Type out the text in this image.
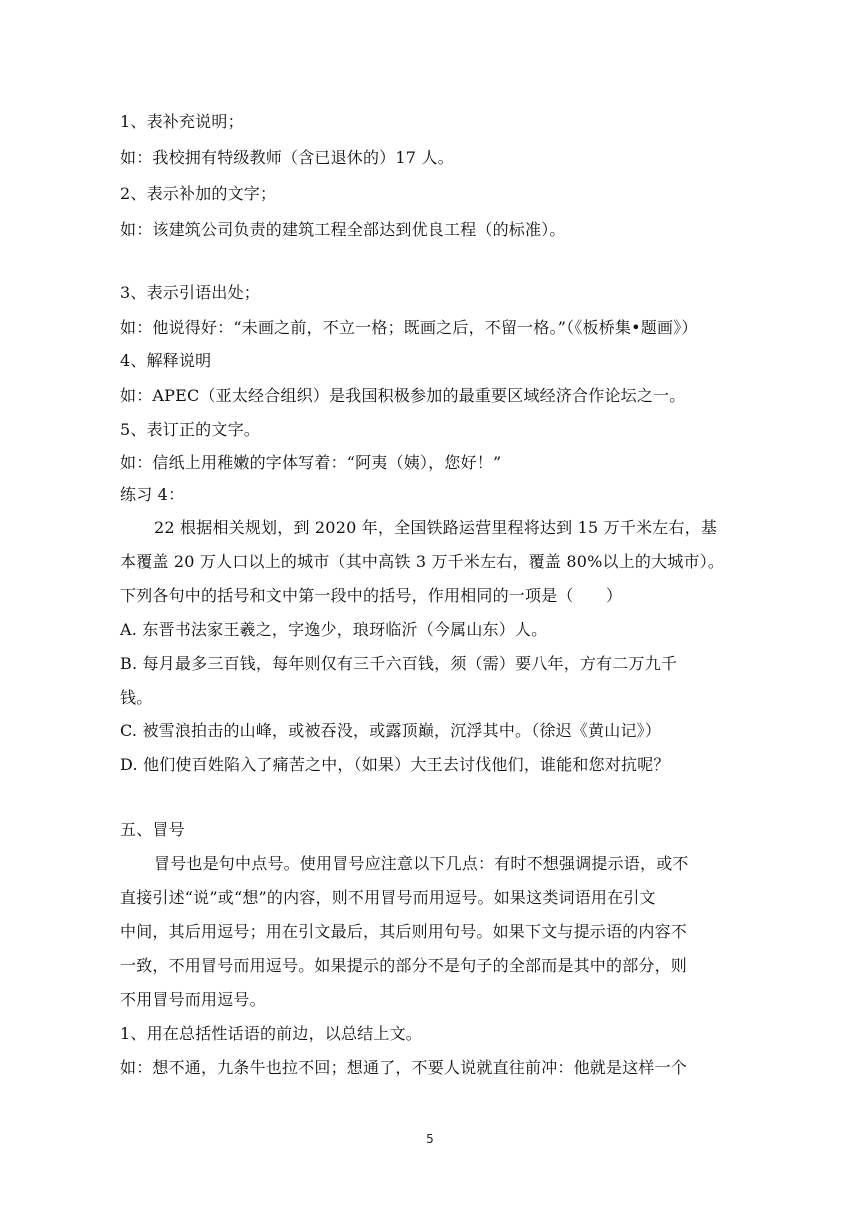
1、表补充说明；
如：我校拥有特级教师（含已退休的）17 人。
2、表示补加的文字；
如：该建筑公司负责的建筑工程全部达到优良工程（的标准）。
3、表示引语出处；
如：他说得好：“未画之前，不立一格；既画之后，不留一格。”（《板桥集•题画》）
4、解释说明
如：APEC（亚太经合组织）是我国积极参加的最重要区域经济合作论坛之一。
5、表订正的文字。
如：信纸上用稚嫩的字体写着：“阿夷（姨），您好！”
练习 4：
22 根据相关规划，到 2020 年，全国铁路运营里程将达到 15 万千米左右，基
本覆盖 20 万人口以上的城市（其中高铁 3 万千米左右，覆盖 80%以上的大城市）。
下列各句中的括号和文中第一段中的括号，作用相同的一项是（　　）
A. 东晋书法家王羲之，字逸少，琅玡临沂（今属山东）人。
B. 每月最多三百钱，每年则仅有三千六百钱，须（需）要八年，方有二万九千
钱。
C. 被雪浪拍击的山峰，或被吞没，或露顶巅，沉浮其中。（徐迟《黄山记》）
D. 他们使百姓陷入了痛苦之中，（如果）大王去讨伐他们，谁能和您对抗呢？
五、冒号
冒号也是句中点号。使用冒号应注意以下几点：有时不想强调提示语，或不
直接引述“说”或“想”的内容，则不用冒号而用逗号。如果这类词语用在引文
中间，其后用逗号；用在引文最后，其后则用句号。如果下文与提示语的内容不
一致，不用冒号而用逗号。如果提示的部分不是句子的全部而是其中的部分，则
不用冒号而用逗号。
1、用在总括性话语的前边，以总结上文。
如：想不通，九条牛也拉不回；想通了，不要人说就直往前冲：他就是这样一个
5
